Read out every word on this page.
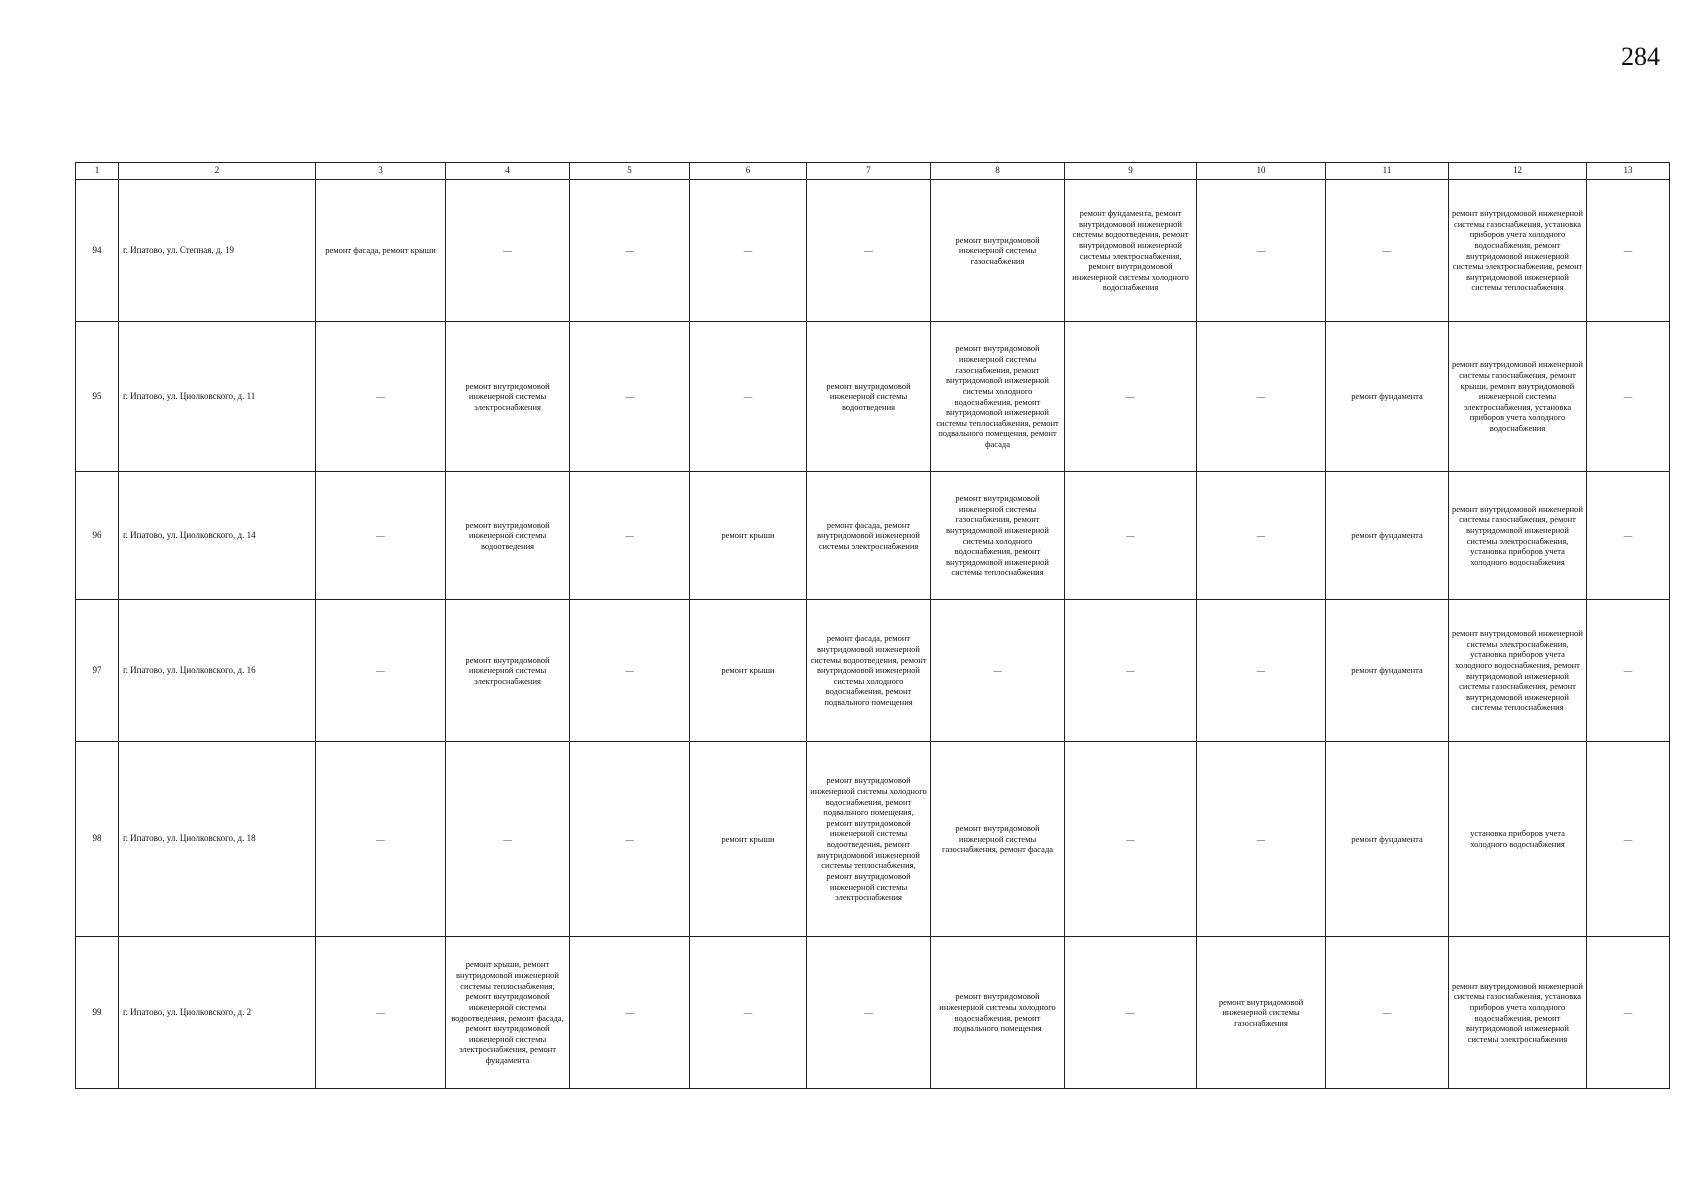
284
1	2	3	4	5	6	7	8	9	10	11	12	13
94	г. Ипатово, ул. Степная, д. 19	ремонт фасада, ремонт крыши	—	—	—	—	ремонт внутридомовой инженерной системы газоснабжения	ремонт фундамента, ремонт внутридомовой инженерной системы водоотведения, ремонт внутридомовой инженерной системы электроснабжения, ремонт внутридомовой инженерной системы холодного водоснабжения	—	—	ремонт внутридомовой инженерной системы газоснабжения, установка приборов учета холодного водоснабжения, ремонт внутридомовой инженерной системы электроснабжения, ремонт внутридомовой инженерной системы теплоснабжения	—
95	г. Ипатово, ул. Циолковского, д. 11	—	ремонт внутридомовой инженерной системы электроснабжения	—	—	ремонт внутридомовой инженерной системы водоотведения	ремонт внутридомовой инженерной системы газоснабжения, ремонт внутридомовой инженерной системы холодного водоснабжения, ремонт внутридомовой инженерной системы теплоснабжения, ремонт подвального помещения, ремонт фасада	—	—	ремонт фундамента	ремонт внутридомовой инженерной системы газоснабжения, ремонт крыши, ремонт внутридомовой инженерной системы электроснабжения, установка приборов учета холодного водоснабжения	—
96	г. Ипатово, ул. Циолковского, д. 14	—	ремонт внутридомовой инженерной системы водоотведения	—	ремонт крыши	ремонт фасада, ремонт внутридомовой инженерной системы электроснабжения	ремонт внутридомовой инженерной системы газоснабжения, ремонт внутридомовой инженерной системы холодного водоснабжения, ремонт внутридомовой инженерной системы теплоснабжения	—	—	ремонт фундамента	ремонт внутридомовой инженерной системы газоснабжения, ремонт внутридомовой инженерной системы электроснабжения, установка приборов учета холодного водоснабжения	—
97	г. Ипатово, ул. Циолковского, д. 16	—	ремонт внутридомовой инженерной системы электроснабжения	—	ремонт крыши	ремонт фасада, ремонт внутридомовой инженерной системы водоотведения, ремонт внутридомовой инженерной системы холодного водоснабжения, ремонт подвального помещения	—	—	—	ремонт фундамента	ремонт внутридомовой инженерной системы электроснабжения, установка приборов учета холодного водоснабжения, ремонт внутридомовой инженерной системы газоснабжения, ремонт внутридомовой инженерной системы теплоснабжения	—
98	г. Ипатово, ул. Циолковского, д. 18	—	—	—	ремонт крыши	ремонт внутридомовой инженерной системы холодного водоснабжения, ремонт подвального помещения, ремонт внутридомовой инженерной системы водоотведения, ремонт внутридомовой инженерной системы теплоснабжения, ремонт внутридомовой инженерной системы электроснабжения	ремонт внутридомовой инженерной системы газоснабжения, ремонт фасада	—	—	ремонт фундамента	установка приборов учета холодного водоснабжения	—
99	г. Ипатово, ул. Циолковского, д. 2	—	ремонт крыши, ремонт внутридомовой инженерной системы теплоснабжения, ремонт внутридомовой инженерной системы водоотведения, ремонт фасада, ремонт внутридомовой инженерной системы электроснабжения, ремонт фундамента	—	—	—	ремонт внутридомовой инженерной системы холодного водоснабжения, ремонт подвального помещения	—	ремонт внутридомовой инженерной системы газоснабжения	—	ремонт внутридомовой инженерной системы газоснабжения, установка приборов учета холодного водоснабжения, ремонт внутридомовой инженерной системы электроснабжения	—
